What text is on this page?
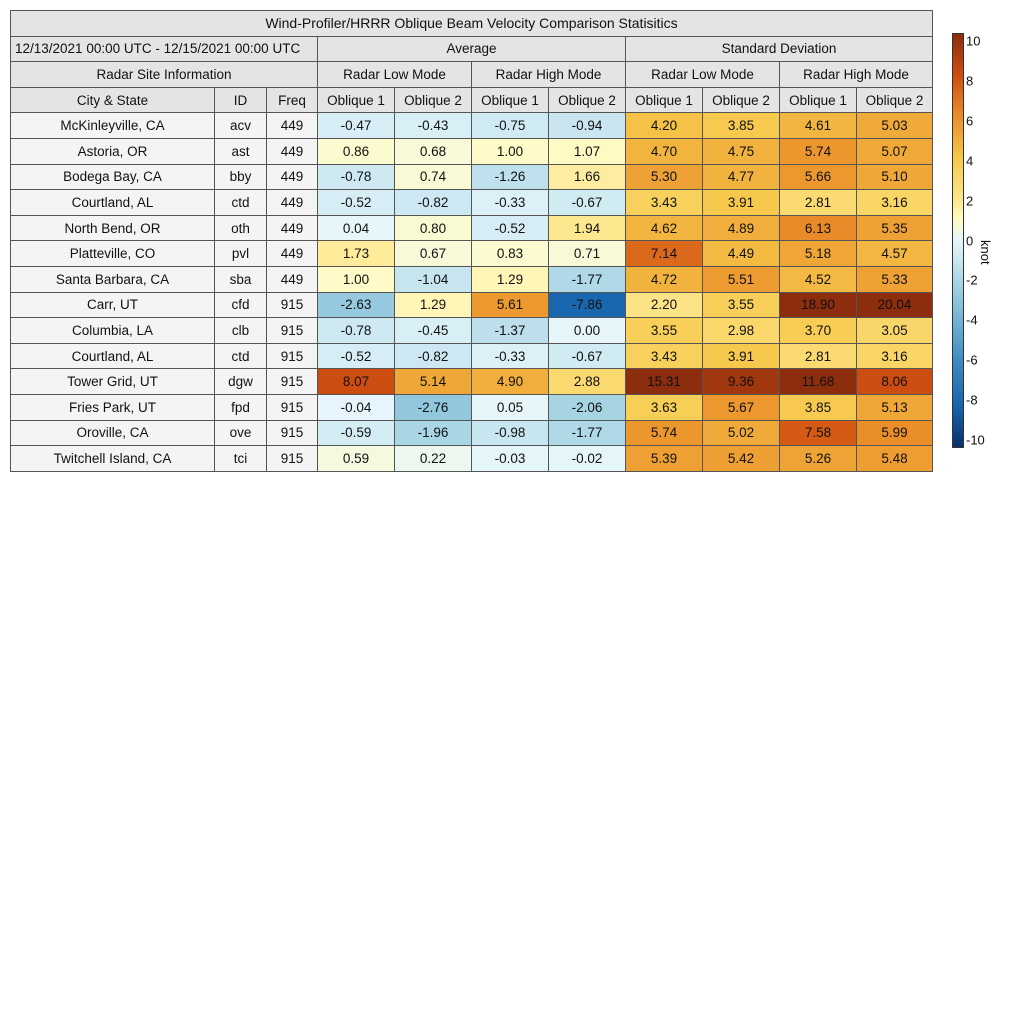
Wind-Profiler/HRRR Oblique Beam Velocity Comparison Statisitics										
12/13/2021 00:00 UTC - 12/15/2021 00:00 UTC			Average				Standard Deviation			
Radar Site Information			Radar Low Mode		Radar High Mode		Radar Low Mode		Radar High Mode	
City & State	ID	Freq	Oblique 1	Oblique 2	Oblique 1	Oblique 2	Oblique 1	Oblique 2	Oblique 1	Oblique 2
McKinleyville, CA	acv	449	-0.47	-0.43	-0.75	-0.94	4.20	3.85	4.61	5.03
Astoria, OR	ast	449	0.86	0.68	1.00	1.07	4.70	4.75	5.74	5.07
Bodega Bay, CA	bby	449	-0.78	0.74	-1.26	1.66	5.30	4.77	5.66	5.10
Courtland, AL	ctd	449	-0.52	-0.82	-0.33	-0.67	3.43	3.91	2.81	3.16
North Bend, OR	oth	449	0.04	0.80	-0.52	1.94	4.62	4.89	6.13	5.35
Platteville, CO	pvl	449	1.73	0.67	0.83	0.71	7.14	4.49	5.18	4.57
Santa Barbara, CA	sba	449	1.00	-1.04	1.29	-1.77	4.72	5.51	4.52	5.33
Carr, UT	cfd	915	-2.63	1.29	5.61	-7.86	2.20	3.55	18.90	20.04
Columbia, LA	clb	915	-0.78	-0.45	-1.37	0.00	3.55	2.98	3.70	3.05
Courtland, AL	ctd	915	-0.52	-0.82	-0.33	-0.67	3.43	3.91	2.81	3.16
Tower Grid, UT	dgw	915	8.07	5.14	4.90	2.88	15.31	9.36	11.68	8.06
Fries Park, UT	fpd	915	-0.04	-2.76	0.05	-2.06	3.63	5.67	3.85	5.13
Oroville, CA	ove	915	-0.59	-1.96	-0.98	-1.77	5.74	5.02	7.58	5.99
Twitchell Island, CA	tci	915	0.59	0.22	-0.03	-0.02	5.39	5.42	5.26	5.48
10
8
6
4
2
0
-2
-4
-6
-8
-10
knot
